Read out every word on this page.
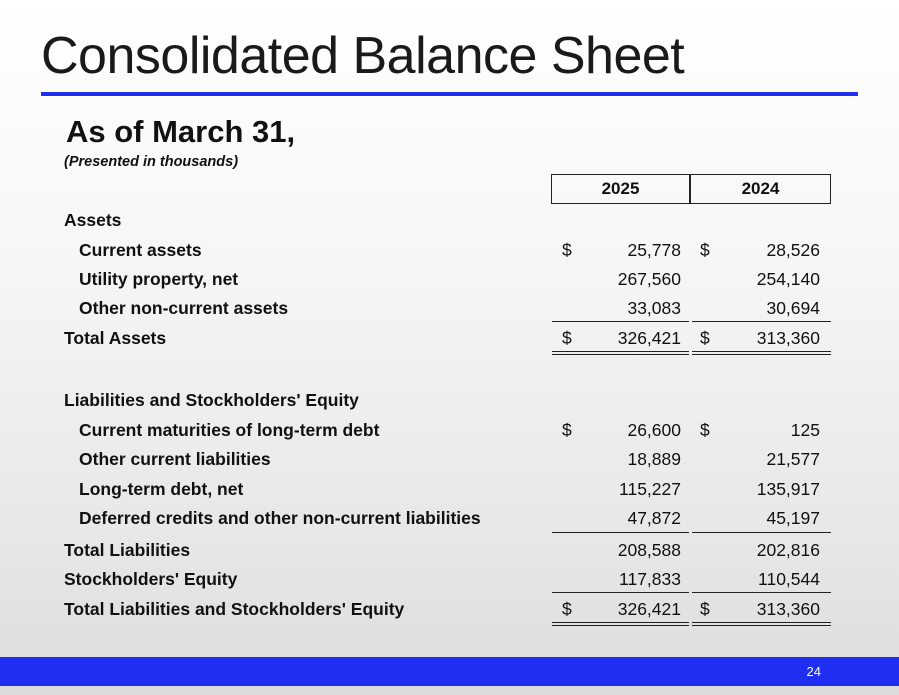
Consolidated Balance Sheet
As of March 31,
(Presented in thousands)
2025	2024
Assets
Current assets	$	25,778 $	28,526
Utility property, net	267,560	254,140
Other non-current assets	33,083	30,694
Total Assets	$	326,421 $	313,360
Liabilities and Stockholders' Equity
Current maturities of long-term debt	$	26,600 $	125
Other current liabilities	18,889	21,577
Long-term debt, net	115,227	135,917
Deferred credits and other non-current liabilities	47,872	45,197
Total Liabilities	208,588	202,816
Stockholders' Equity	117,833	110,544
Total Liabilities and Stockholders' Equity	$	326,421 $	313,360
24
